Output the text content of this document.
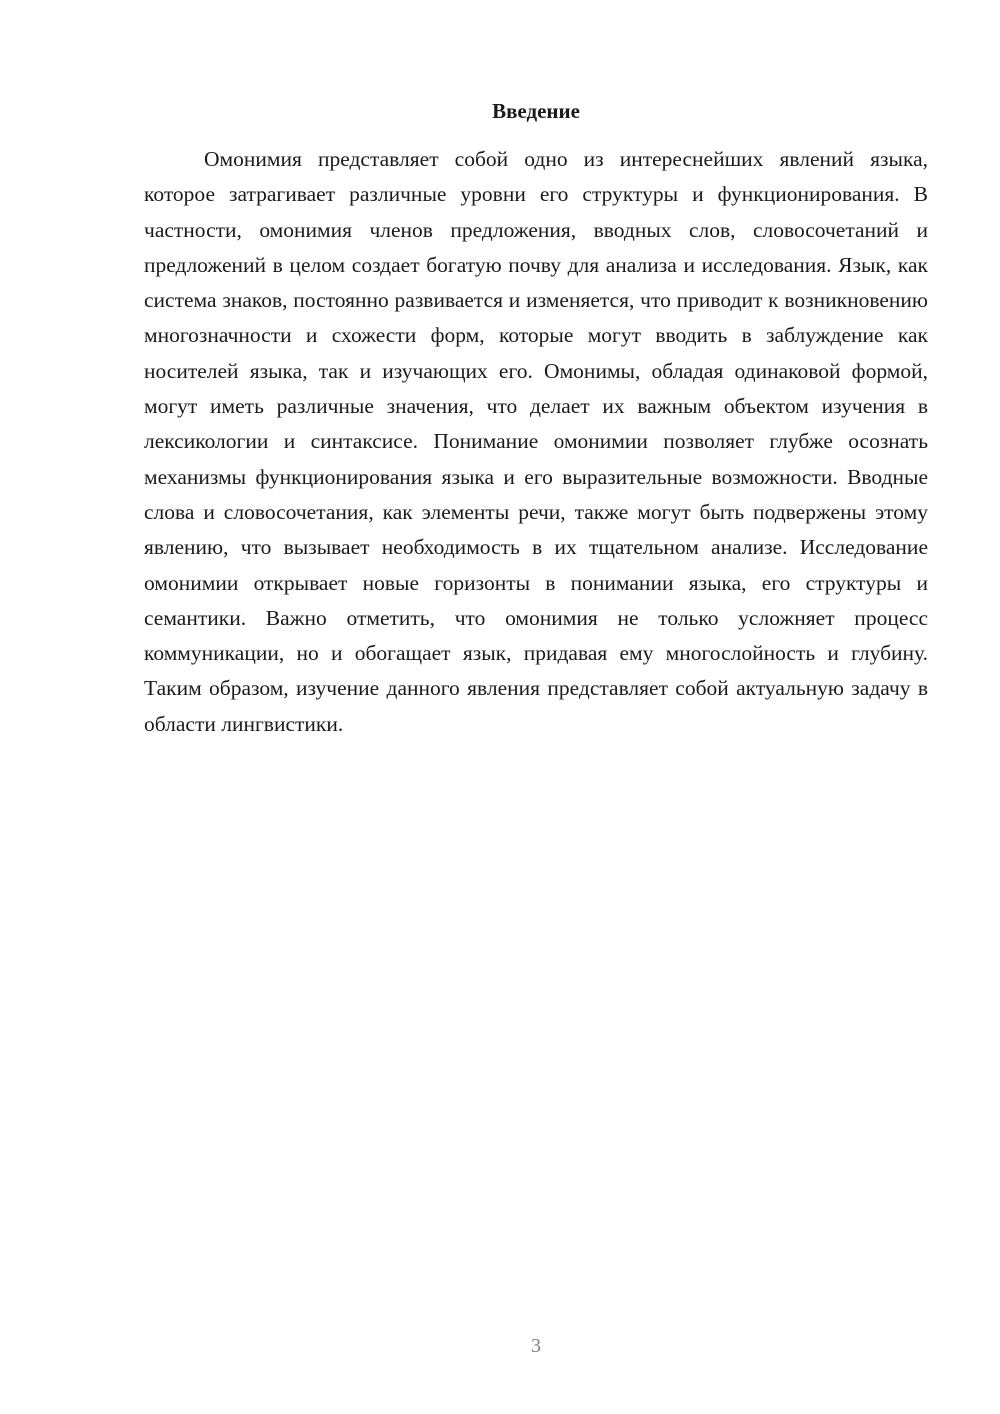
Введение

Омонимия представляет собой одно из интереснейших явлений языка, которое затрагивает различные уровни его структуры и функционирования. В частности, омонимия членов предложения, вводных слов, словосочетаний и предложений в целом создает богатую почву для анализа и исследования. Язык, как система знаков, постоянно развивается и изменяется, что приводит к возникновению многозначности и схожести форм, которые могут вводить в заблуждение как носителей языка, так и изучающих его. Омонимы, обладая одинаковой формой, могут иметь различные значения, что делает их важным объектом изучения в лексикологии и синтаксисе. Понимание омонимии позволяет глубже осознать механизмы функционирования языка и его выразительные возможности. Вводные слова и словосочетания, как элементы речи, также могут быть подвержены этому явлению, что вызывает необходимость в их тщательном анализе. Исследование омонимии открывает новые горизонты в понимании языка, его структуры и семантики. Важно отметить, что омонимия не только усложняет процесс коммуникации, но и обогащает язык, придавая ему многослойность и глубину. Таким образом, изучение данного явления представляет собой актуальную задачу в области лингвистики.

3
